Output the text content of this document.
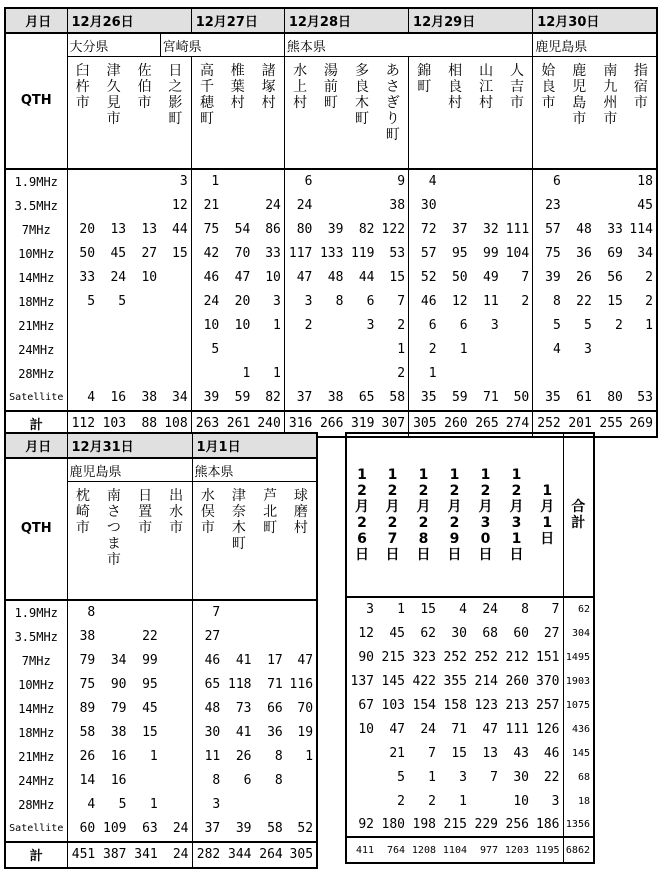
月日	12月26日				12月27日			12月28日				12月29日				12月30日			
QTH	大分県			宮崎県				熊本県								鹿児島県			

	臼杵市	津久見市	佐伯市	日之影町	高千穂町	椎葉村	諸塚村	水上村	湯前町	多良木町	あさぎり町	錦町	相良村	山江村	人吉市	姶良市	鹿児島市	南九州市	指宿市

1.9MHz				3	1			6			9	4				6			18
3.5MHz				12	21		24	24			38	30				23			45
7MHz	20	13	13	44	75	54	86	80	39	82	122	72	37	32	111	57	48	33	114
10MHz	50	45	27	15	42	70	33	117	133	119	53	57	95	99	104	75	36	69	34
14MHz	33	24	10		46	47	10	47	48	44	15	52	50	49	7	39	26	56	2
18MHz	5	5			24	20	3	3	8	6	7	46	12	11	2	8	22	15	2
21MHz					10	10	1	2		3	2	6	6	3		5	5	2	1
24MHz					5						1	2	1			4	3		
28MHz						1	1				2	1							
Satellite	4	16	38	34	39	59	82	37	38	65	58	35	59	71	50	35	61	80	53
計	112	103	88	108	263	261	240	316	266	319	307	305	260	265	274	252	201	255	269
月日	12月31日				1月1日			
QTH	鹿児島県				熊本県			

	枕崎市	南さつま市	日置市	出水市	水俣市	津奈木町	芦北町	球磨村

1.9MHz	8				7			
3.5MHz	38		22		27			
7MHz	79	34	99		46	41	17	47
10MHz	75	90	95		65	118	71	116
14MHz	89	79	45		48	73	66	70
18MHz	58	38	15		30	41	36	19
21MHz	26	16	1		11	26	8	1
24MHz	14	16			8	6	8	
28MHz	4	5	1		3			
Satellite	60	109	63	24	37	39	58	52
計	451	387	341	24	282	344	264	305
12月26日	12月27日	12月28日	12月29日	12月30日	12月31日	1月1日	合計

3	1	15	4	24	8	7	62
12	45	62	30	68	60	27	304
90	215	323	252	252	212	151	1495
137	145	422	355	214	260	370	1903
67	103	154	158	123	213	257	1075
10	47	24	71	47	111	126	436
	21	7	15	13	43	46	145
	5	1	3	7	30	22	68
	2	2	1		10	3	18
92	180	198	215	229	256	186	1356
411	764	1208	1104	977	1203	1195	6862
